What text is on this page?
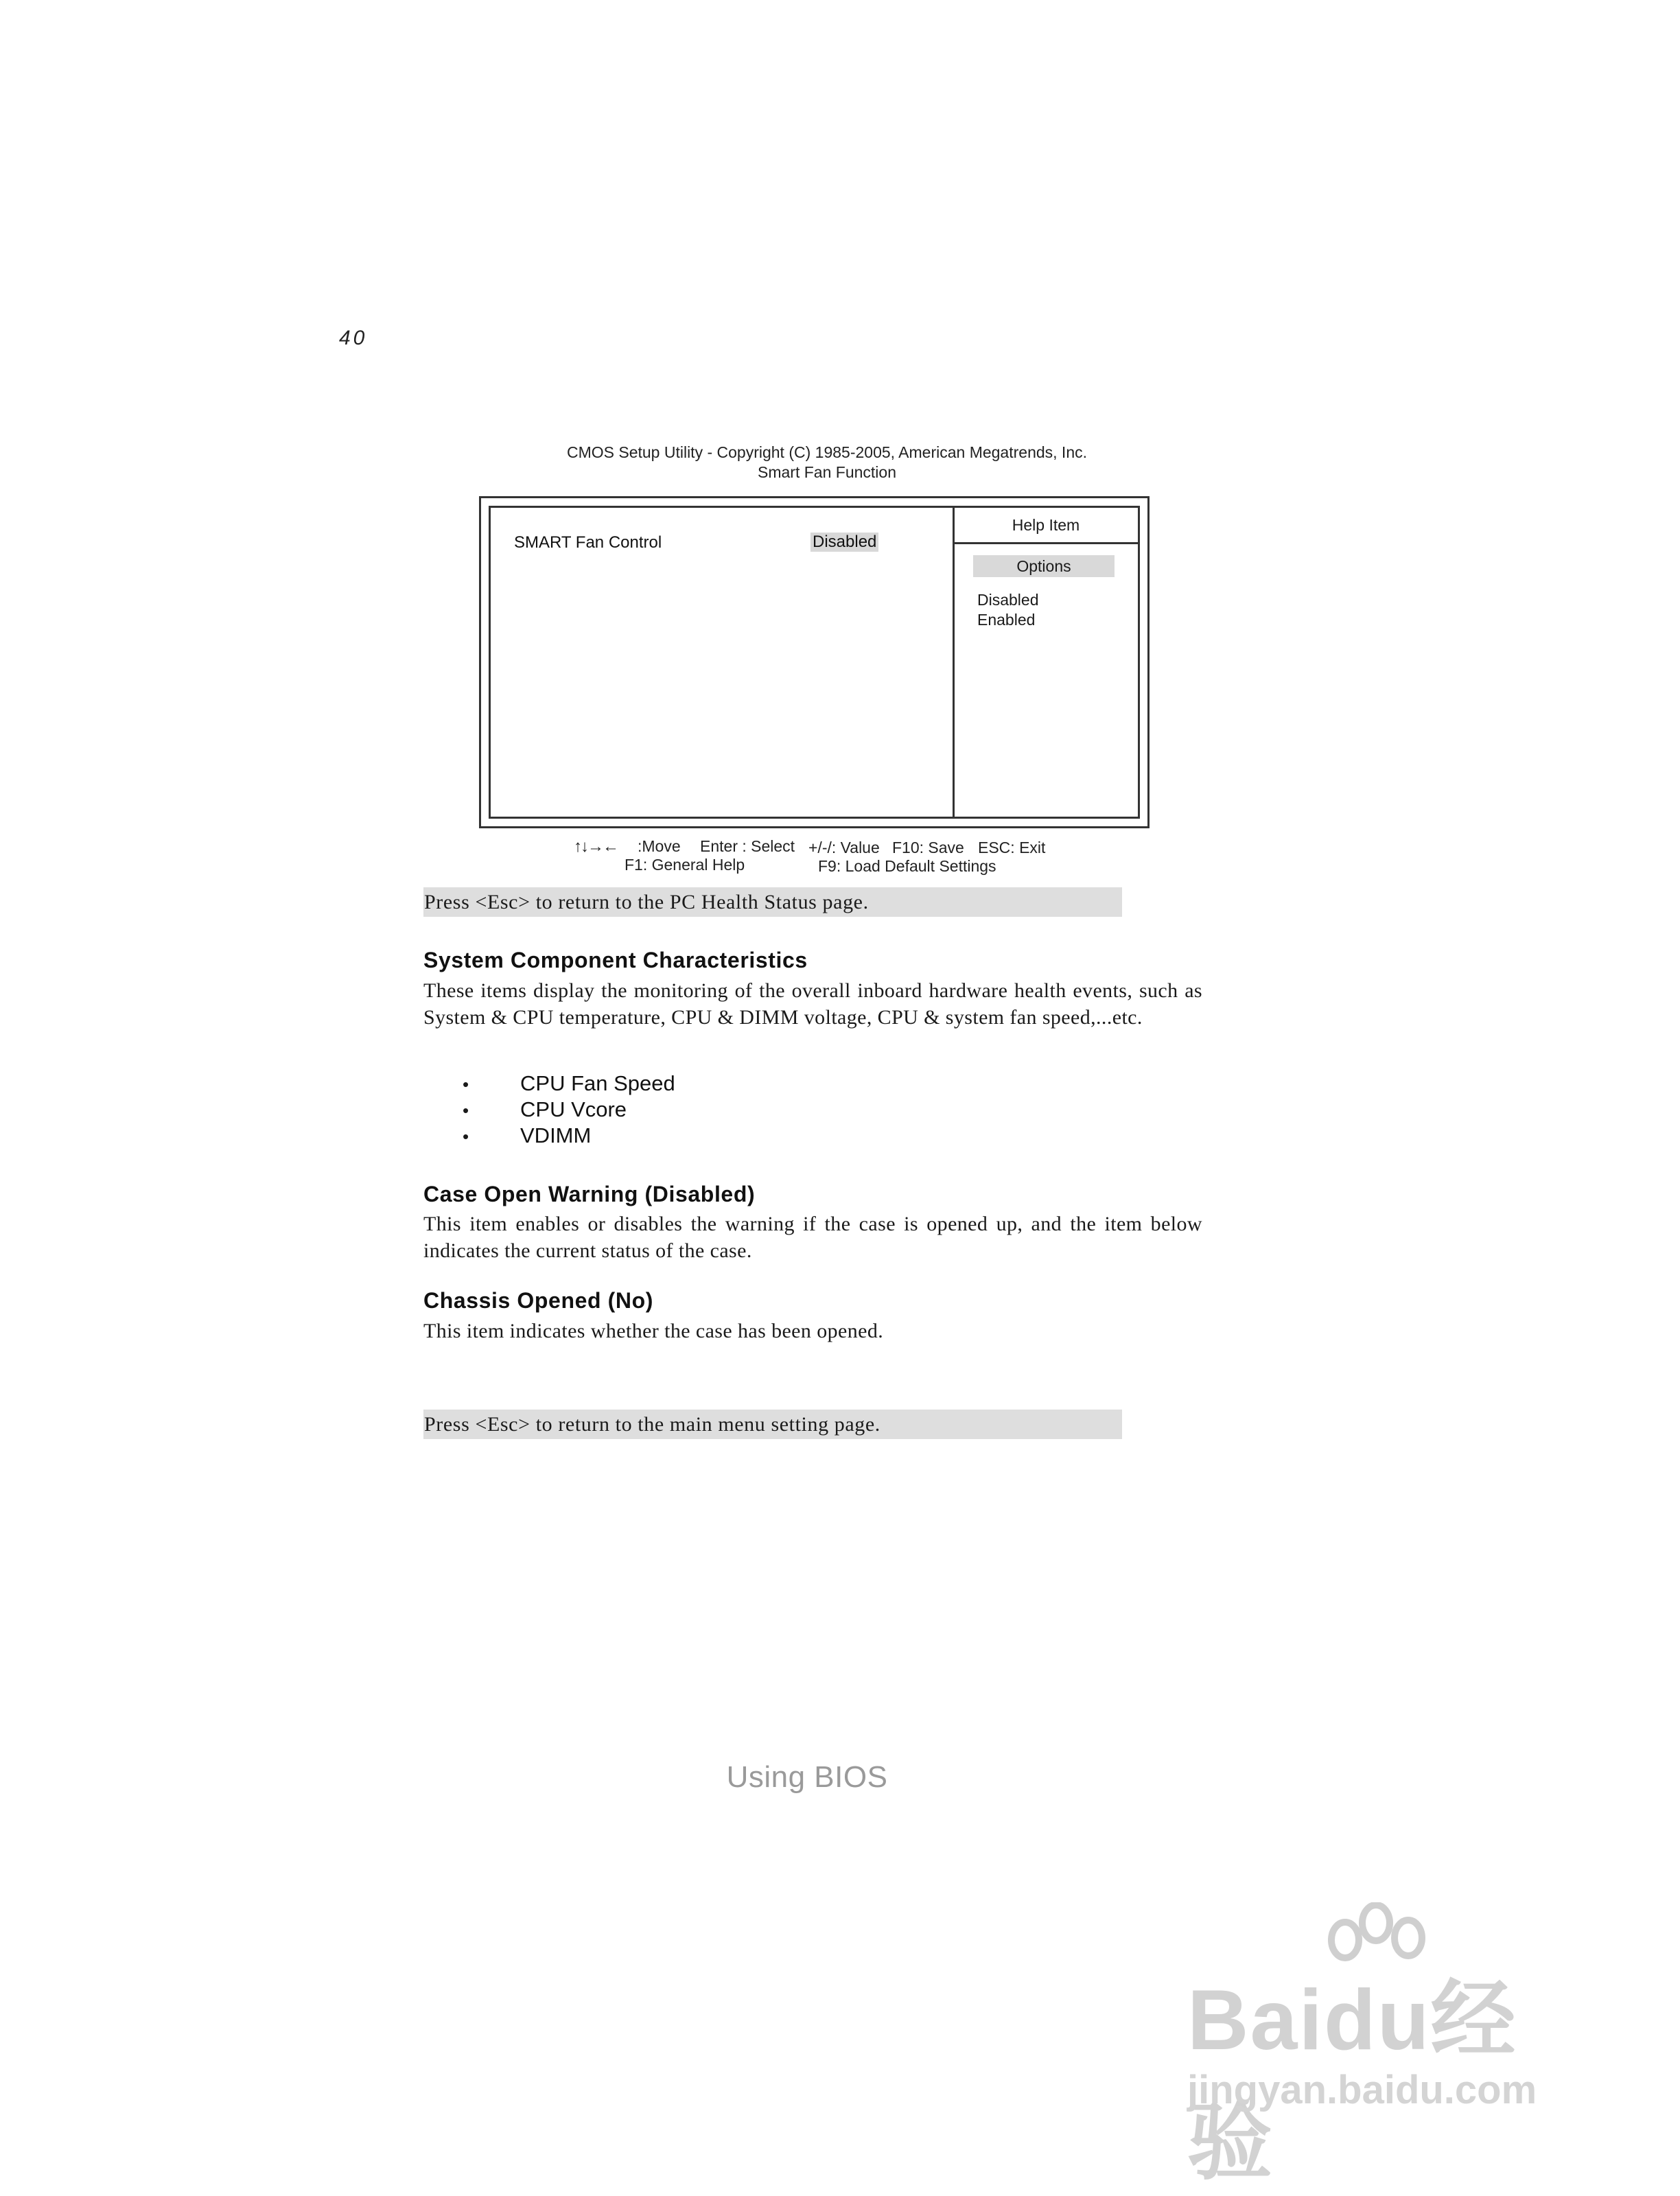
40
CMOS Setup Utility - Copyright (C) 1985-2005, American Megatrends, Inc.
Smart Fan Function
SMART Fan Control	Disabled
Help Item
Options
Disabled
Enabled
↑↓→← :Move Enter : Select +/-/: Value F10: Save ESC: Exit
F1: General Help	F9: Load Default Settings
Press <Esc> to return to the PC Health Status page.
System Component Characteristics
These items display the monitoring of the overall inboard hardware health events, such as System & CPU temperature, CPU & DIMM voltage, CPU & system fan speed,...etc.
• CPU Fan Speed
• CPU Vcore
• VDIMM
Case Open Warning (Disabled)
This item enables or disables the warning if the case is opened up, and the item below indicates the current status of the case.
Chassis Opened (No)
This item indicates whether the case has been opened.
Press <Esc> to return to the main menu setting page.
Using BIOS
Baidu经验
jingyan.baidu.com
